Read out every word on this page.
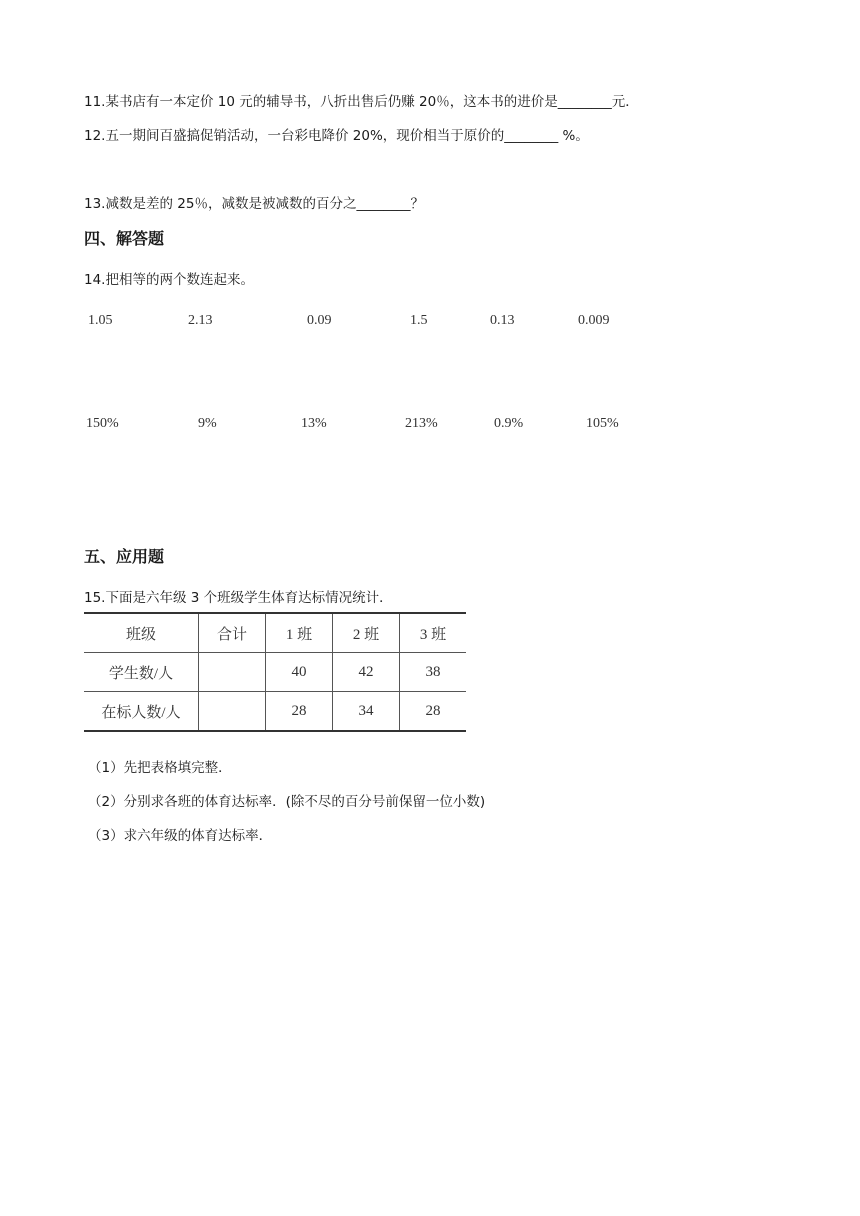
11.某书店有一本定价 10 元的辅导书，八折出售后仍赚 20％，这本书的进价是________元．
12.五一期间百盛搞促销活动，一台彩电降价 20%，现价相当于原价的________ %。
13.减数是差的 25％，减数是被减数的百分之________？
四、解答题
14.把相等的两个数连起来。
1.05	2.13	0.09	1.5	0.13	0.009
150%	9%	13%	213%	0.9%	105%
五、应用题
15.下面是六年级 3 个班级学生体育达标情况统计．
班级	合计	1 班	2 班	3 班
学生数/人		40	42	38
在标人数/人		28	34	28
（1）先把表格填完整．
（2）分别求各班的体育达标率．(除不尽的百分号前保留一位小数)
（3）求六年级的体育达标率．
